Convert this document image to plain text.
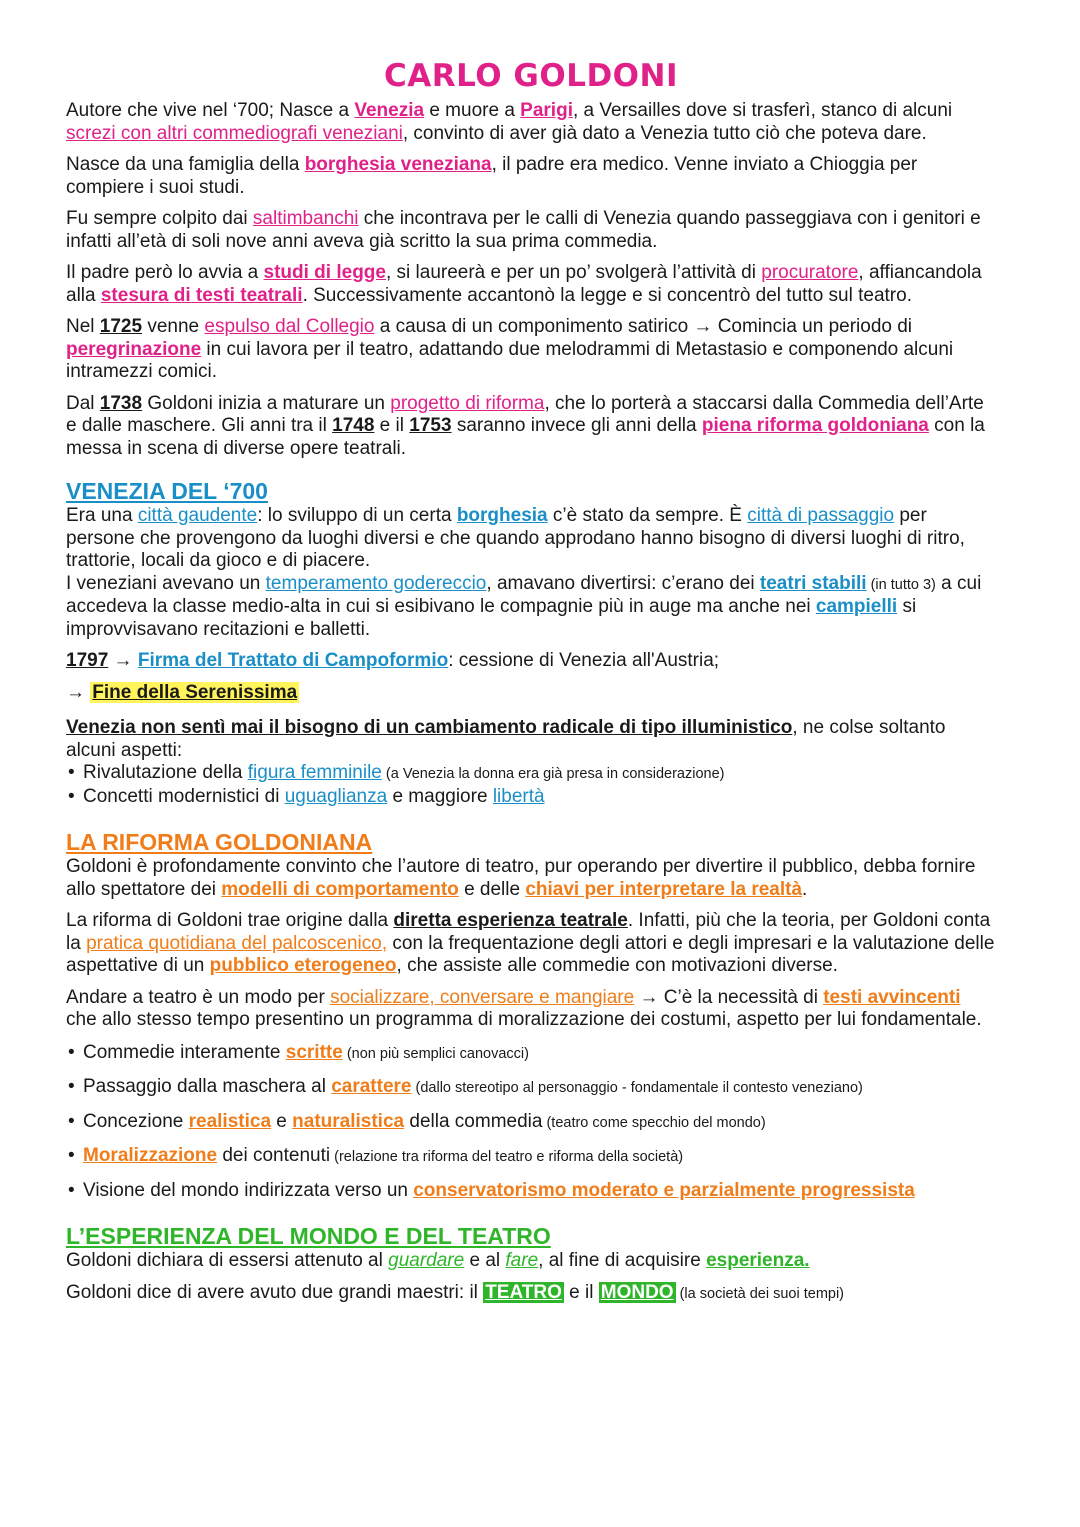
CARLO GOLDONI

Autore che vive nel ‘700; Nasce a Venezia e muore a Parigi, a Versailles dove si trasferì, stanco di alcuni screzi con altri commediografi veneziani, convinto di aver già dato a Venezia tutto ciò che poteva dare.

Nasce da una famiglia della borghesia veneziana, il padre era medico. Venne inviato a Chioggia per compiere i suoi studi.

Fu sempre colpito dai saltimbanchi che incontrava per le calli di Venezia quando passeggiava con i genitori e infatti all’età di soli nove anni aveva già scritto la sua prima commedia.

Il padre però lo avvia a studi di legge, si laureerà e per un po’ svolgerà l’attività di procuratore, affiancandola alla stesura di testi teatrali. Successivamente accantonò la legge e si concentrò del tutto sul teatro.

Nel 1725 venne espulso dal Collegio a causa di un componimento satirico → Comincia un periodo di peregrinazione in cui lavora per il teatro, adattando due melodrammi di Metastasio e componendo alcuni intramezzi comici.

Dal 1738 Goldoni inizia a maturare un progetto di riforma, che lo porterà a staccarsi dalla Commedia dell’Arte e dalle maschere. Gli anni tra il 1748 e il 1753 saranno invece gli anni della piena riforma goldoniana con la messa in scena di diverse opere teatrali.

VENEZIA DEL ‘700

Era una città gaudente: lo sviluppo di un certa borghesia c’è stato da sempre. È città di passaggio per persone che provengono da luoghi diversi e che quando approdano hanno bisogno di diversi luoghi di ritro, trattorie, locali da gioco e di piacere.

I veneziani avevano un temperamento godereccio, amavano divertirsi: c’erano dei teatri stabili (in tutto 3) a cui accedeva la classe medio-alta in cui si esibivano le compagnie più in auge ma anche nei campielli si improvvisavano recitazioni e balletti.

1797 → Firma del Trattato di Campoformio: cessione di Venezia all'Austria;

→ Fine della Serenissima

Venezia non sentì mai il bisogno di un cambiamento radicale di tipo illuministico, ne colse soltanto alcuni aspetti:

• Rivalutazione della figura femminile (a Venezia la donna era già presa in considerazione)
• Concetti modernistici di uguaglianza e maggiore libertà
LA RIFORMA GOLDONIANA

Goldoni è profondamente convinto che l’autore di teatro, pur operando per divertire il pubblico, debba fornire allo spettatore dei modelli di comportamento e delle chiavi per interpretare la realtà.

La riforma di Goldoni trae origine dalla diretta esperienza teatrale. Infatti, più che la teoria, per Goldoni conta la pratica quotidiana del palcoscenico, con la frequentazione degli attori e degli impresari e la valutazione delle aspettative di un pubblico eterogeneo, che assiste alle commedie con motivazioni diverse.

Andare a teatro è un modo per socializzare, conversare e mangiare → C’è la necessità di testi avvincenti che allo stesso tempo presentino un programma di moralizzazione dei costumi, aspetto per lui fondamentale.

• Commedie interamente scritte (non più semplici canovacci)
• Passaggio dalla maschera al carattere (dallo stereotipo al personaggio - fondamentale il contesto veneziano)
• Concezione realistica e naturalistica della commedia (teatro come specchio del mondo)
• Moralizzazione dei contenuti (relazione tra riforma del teatro e riforma della società)
• Visione del mondo indirizzata verso un conservatorismo moderato e parzialmente progressista
L’ESPERIENZA DEL MONDO E DEL TEATRO

Goldoni dichiara di essersi attenuto al guardare e al fare, al fine di acquisire esperienza.

Goldoni dice di avere avuto due grandi maestri: il TEATRO e il MONDO (la società dei suoi tempi)
